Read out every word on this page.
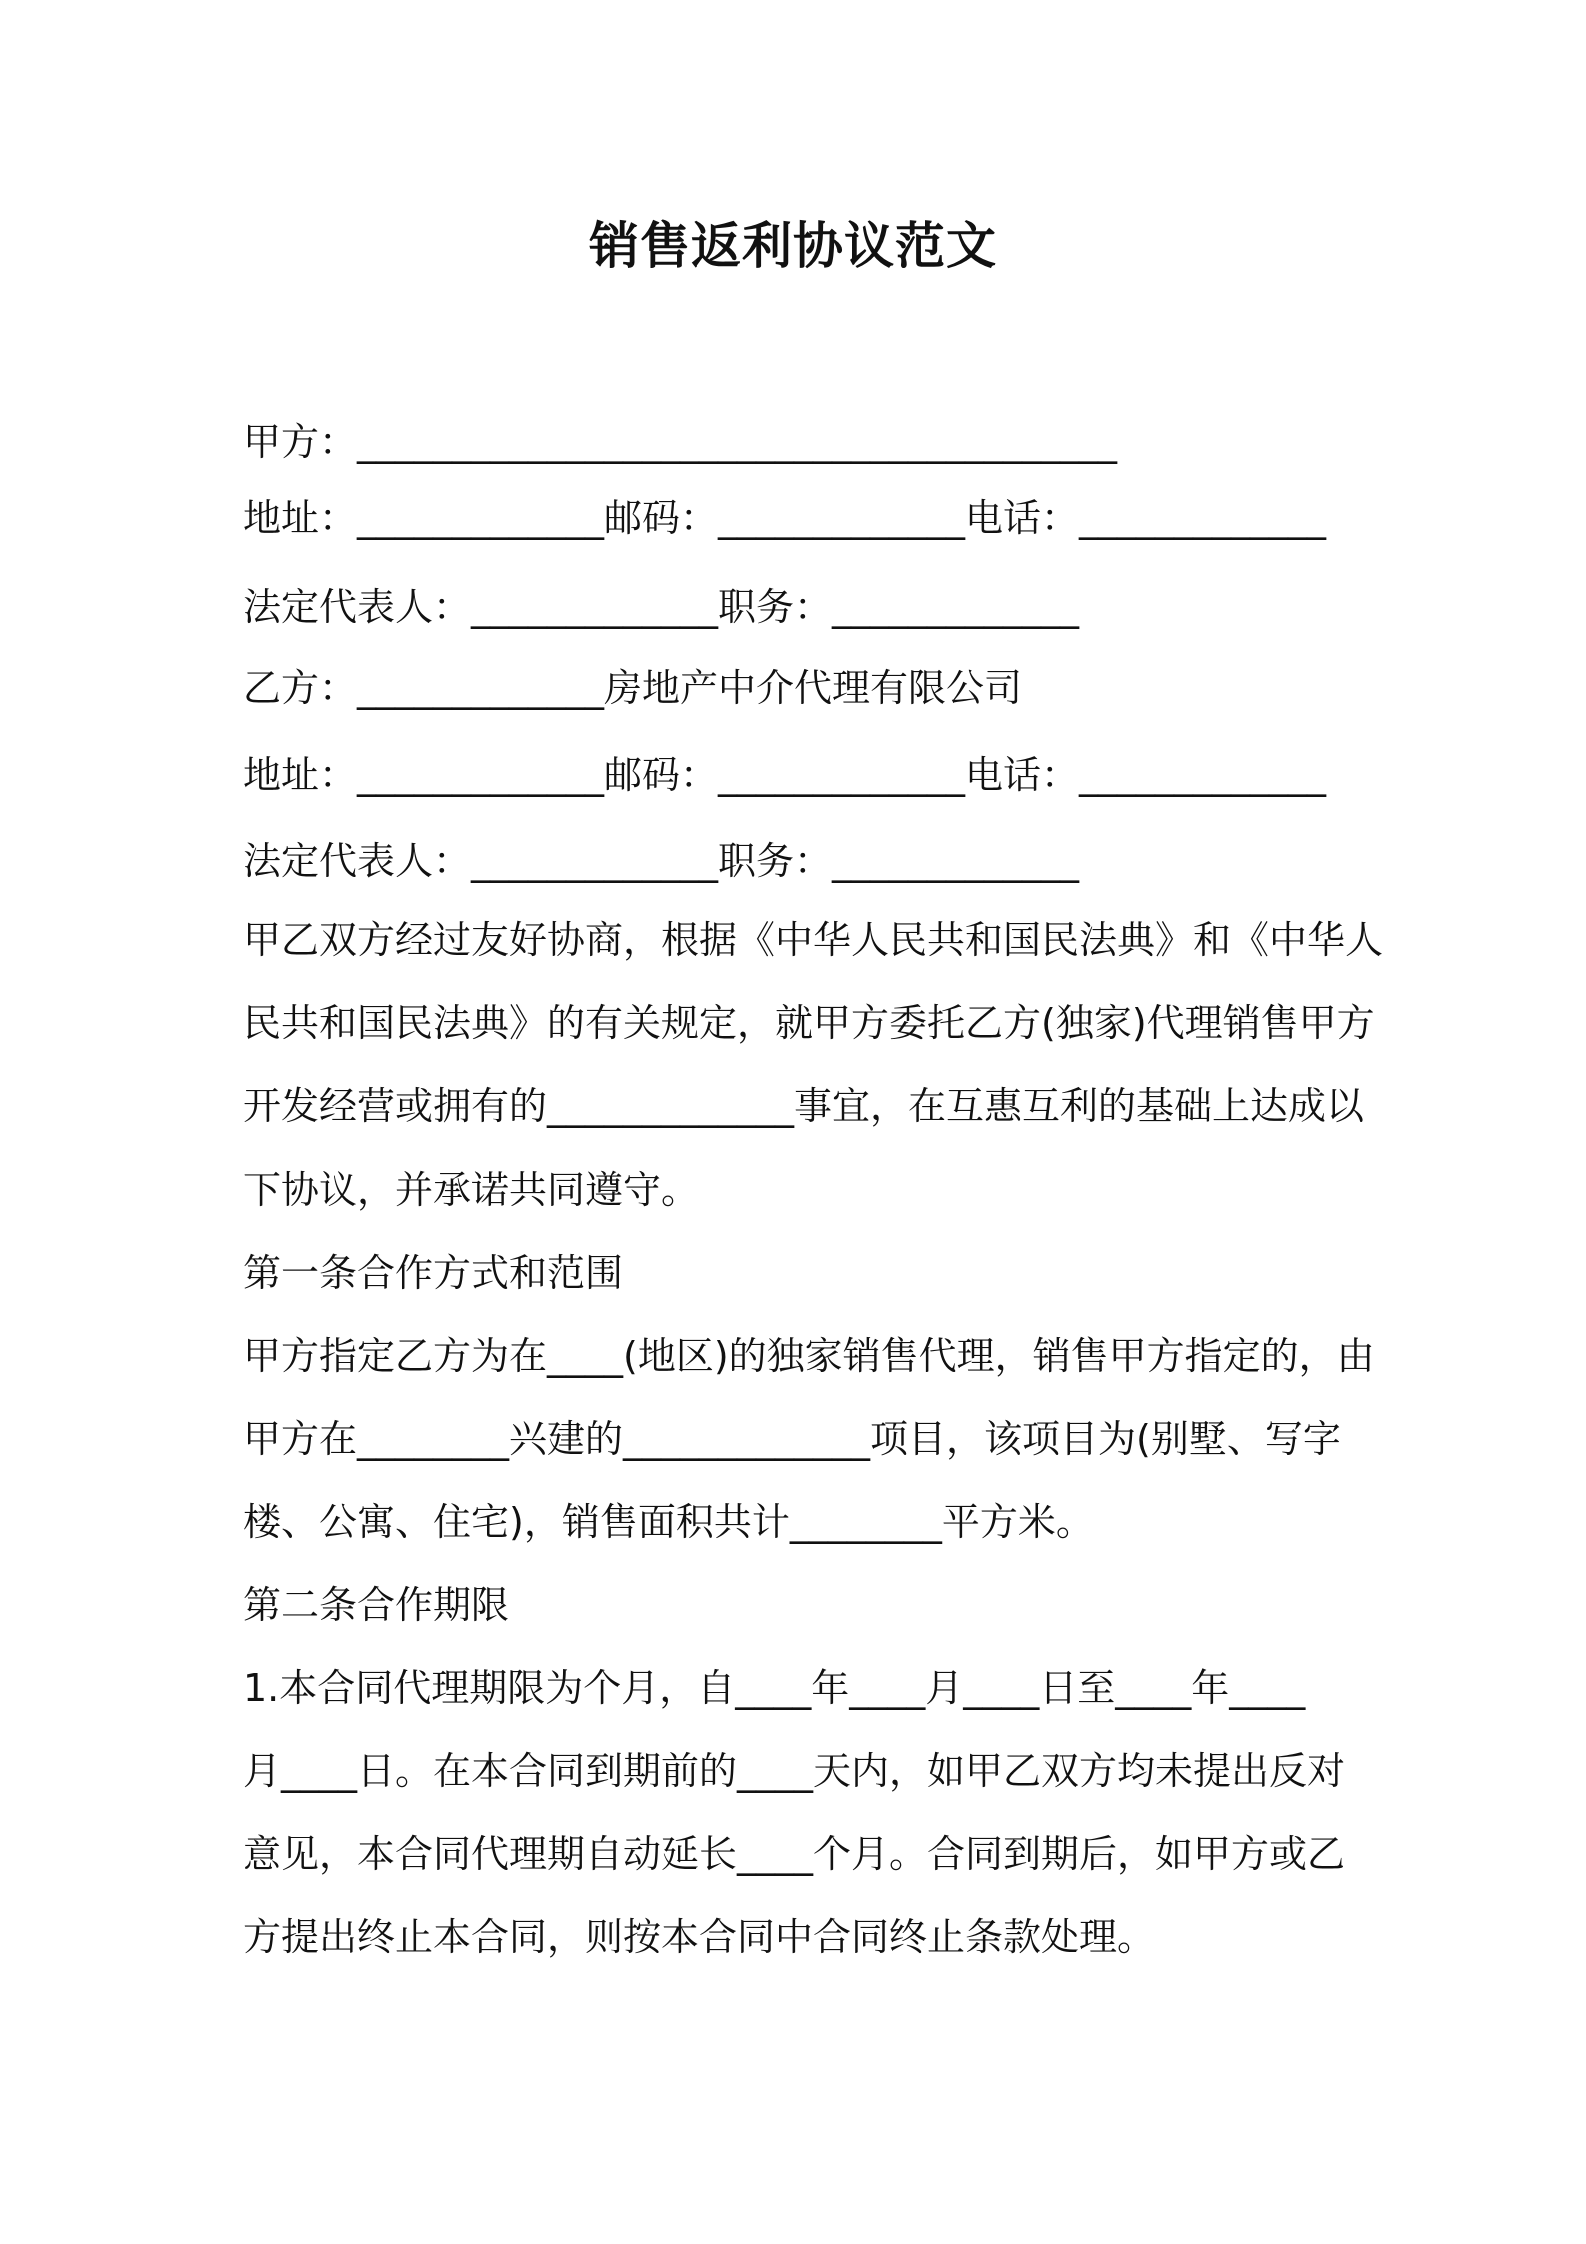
销售返利协议范文
甲方：________________________________________
地址：_____________邮码：_____________电话：_____________
法定代表人：_____________职务：_____________
乙方：_____________房地产中介代理有限公司
地址：_____________邮码：_____________电话：_____________
法定代表人：_____________职务：_____________
甲乙双方经过友好协商，根据《中华人民共和国民法典》和《中华人
民共和国民法典》的有关规定，就甲方委托乙方(独家)代理销售甲方
开发经营或拥有的_____________事宜，在互惠互利的基础上达成以
下协议，并承诺共同遵守。
第一条合作方式和范围
甲方指定乙方为在____(地区)的独家销售代理，销售甲方指定的，由
甲方在________兴建的_____________项目，该项目为(别墅、写字
楼、公寓、住宅)，销售面积共计________平方米。
第二条合作期限
1.本合同代理期限为个月，自____年____月____日至____年____
月____日。在本合同到期前的____天内，如甲乙双方均未提出反对
意见，本合同代理期自动延长____个月。合同到期后，如甲方或乙
方提出终止本合同，则按本合同中合同终止条款处理。
